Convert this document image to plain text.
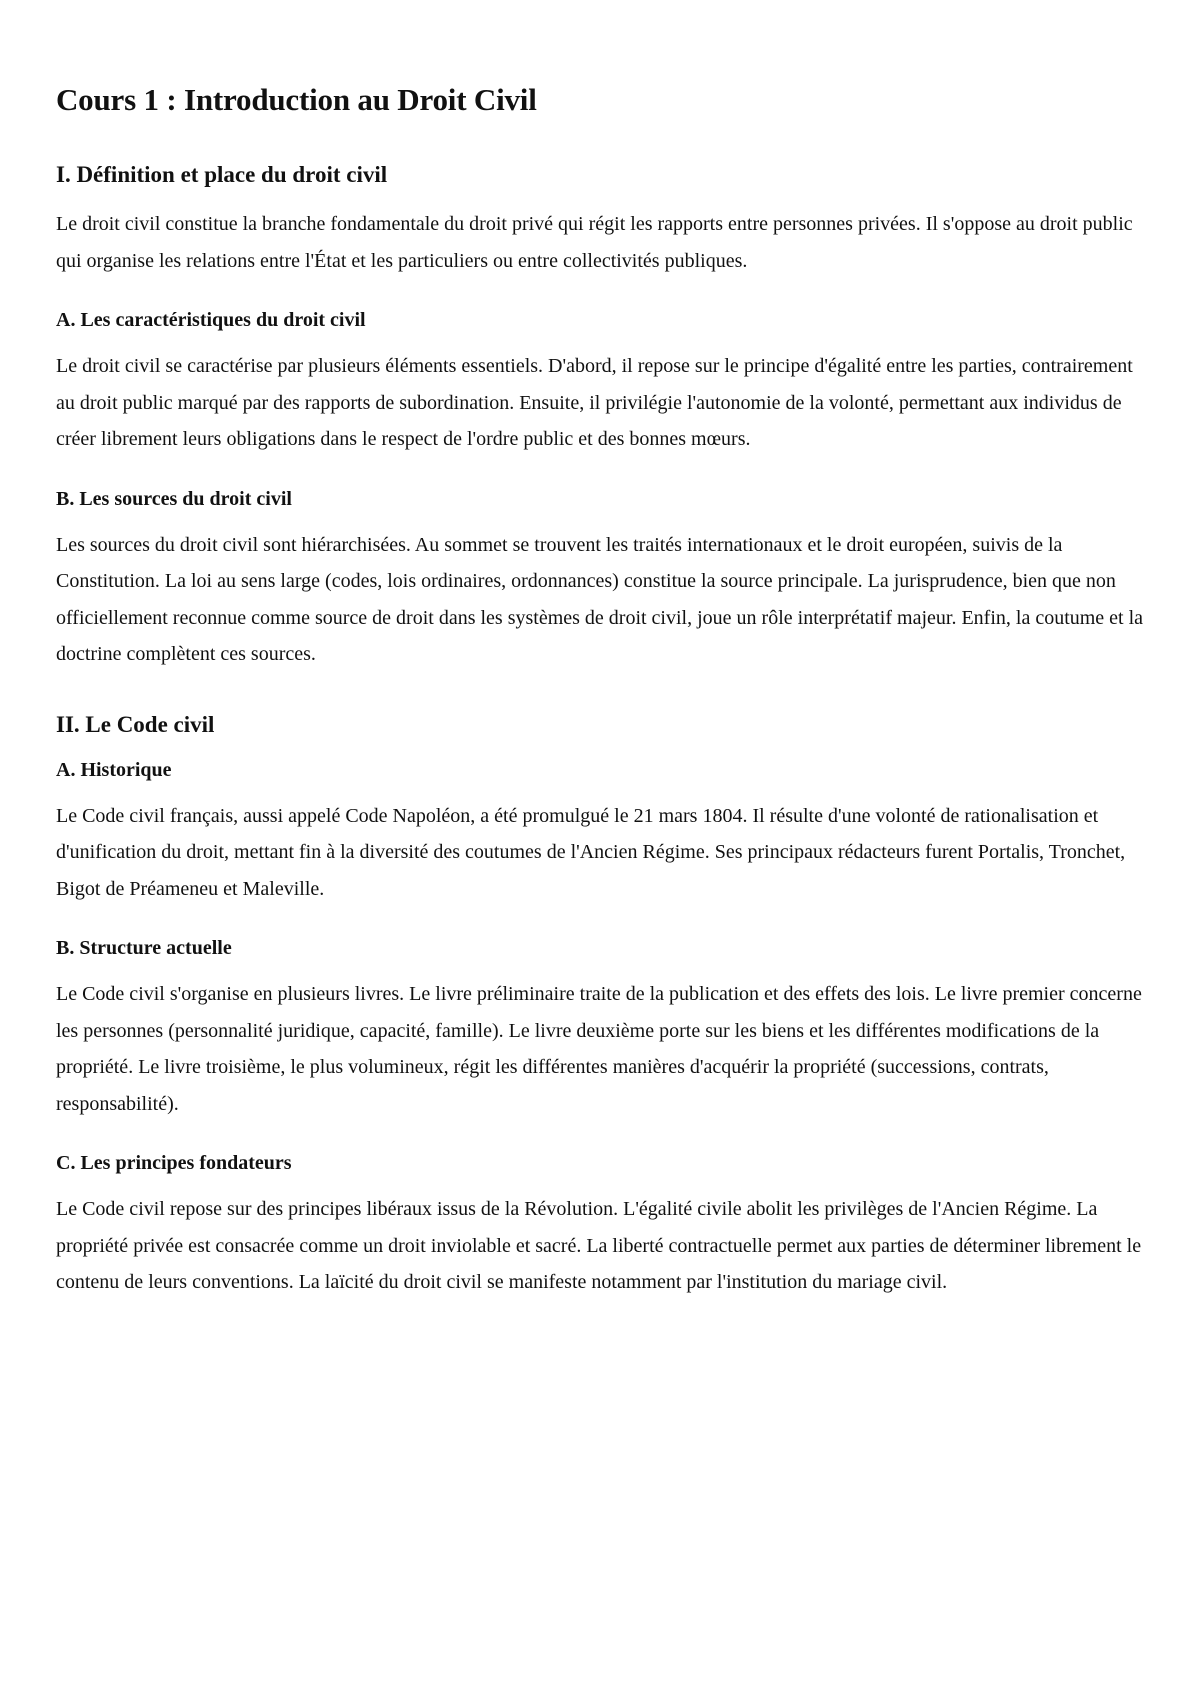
Cours 1 : Introduction au Droit Civil
I. Définition et place du droit civil

Le droit civil constitue la branche fondamentale du droit privé qui régit les rapports entre personnes privées. Il s'oppose au droit public qui organise les relations entre l'État et les particuliers ou entre collectivités publiques.

A. Les caractéristiques du droit civil

Le droit civil se caractérise par plusieurs éléments essentiels. D'abord, il repose sur le principe d'égalité entre les parties, contrairement au droit public marqué par des rapports de subordination. Ensuite, il privilégie l'autonomie de la volonté, permettant aux individus de créer librement leurs obligations dans le respect de l'ordre public et des bonnes mœurs.

B. Les sources du droit civil

Les sources du droit civil sont hiérarchisées. Au sommet se trouvent les traités internationaux et le droit européen, suivis de la Constitution. La loi au sens large (codes, lois ordinaires, ordonnances) constitue la source principale. La jurisprudence, bien que non officiellement reconnue comme source de droit dans les systèmes de droit civil, joue un rôle interprétatif majeur. Enfin, la coutume et la doctrine complètent ces sources.

II. Le Code civil
A. Historique

Le Code civil français, aussi appelé Code Napoléon, a été promulgué le 21 mars 1804. Il résulte d'une volonté de rationalisation et d'unification du droit, mettant fin à la diversité des coutumes de l'Ancien Régime. Ses principaux rédacteurs furent Portalis, Tronchet, Bigot de Préameneu et Maleville.

B. Structure actuelle

Le Code civil s'organise en plusieurs livres. Le livre préliminaire traite de la publication et des effets des lois. Le livre premier concerne les personnes (personnalité juridique, capacité, famille). Le livre deuxième porte sur les biens et les différentes modifications de la propriété. Le livre troisième, le plus volumineux, régit les différentes manières d'acquérir la propriété (successions, contrats, responsabilité).

C. Les principes fondateurs

Le Code civil repose sur des principes libéraux issus de la Révolution. L'égalité civile abolit les privilèges de l'Ancien Régime. La propriété privée est consacrée comme un droit inviolable et sacré. La liberté contractuelle permet aux parties de déterminer librement le contenu de leurs conventions. La laïcité du droit civil se manifeste notamment par l'institution du mariage civil.
